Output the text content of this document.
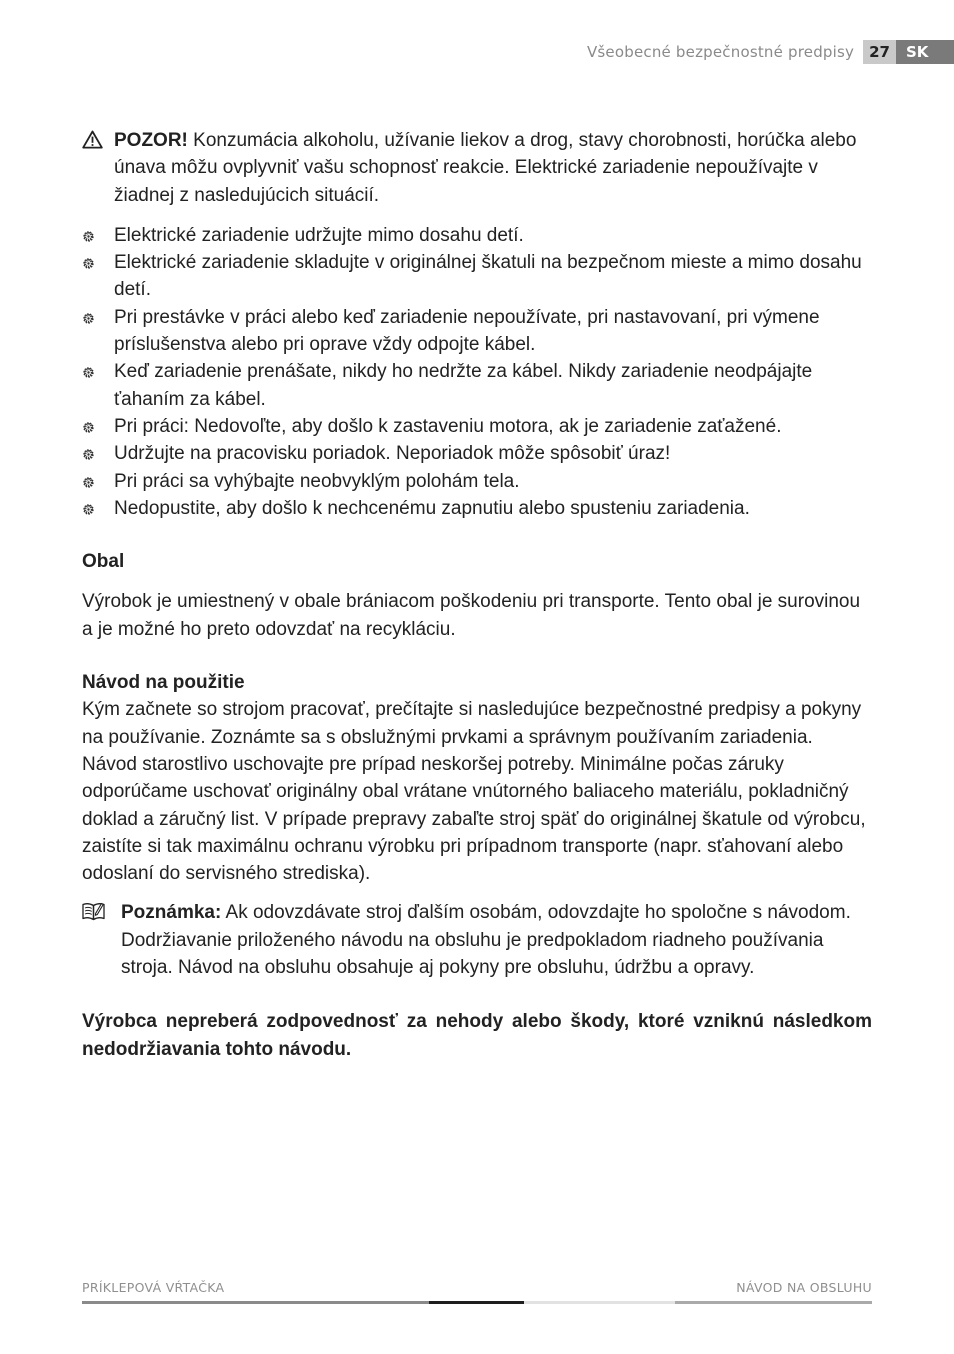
Všeobecné bezpečnostné predpisy	27	SK

POZOR! Konzumácia alkoholu, užívanie liekov a drog, stavy chorobnosti, horúčka alebo únava môžu ovplyvniť vašu schopnosť reakcie. Elektrické zariadenie nepoužívajte v žiadnej z nasledujúcich situácií.

Elektrické zariadenie udržujte mimo dosahu detí.
Elektrické zariadenie skladujte v originálnej škatuli na bezpečnom mieste a mimo dosahu detí.
Pri prestávke v práci alebo keď zariadenie nepoužívate, pri nastavovaní, pri výmene príslušenstva alebo pri oprave vždy odpojte kábel.
Keď zariadenie prenášate, nikdy ho nedržte za kábel. Nikdy zariadenie neodpájajte ťahaním za kábel.
Pri práci: Nedovoľte, aby došlo k zastaveniu motora, ak je zariadenie zaťažené.
Udržujte na pracovisku poriadok. Neporiadok môže spôsobiť úraz!
Pri práci sa vyhýbajte neobvyklým polohám tela.
Nedopustite, aby došlo k nechcenému zapnutiu alebo spusteniu zariadenia.

Obal

Výrobok je umiestnený v obale brániacom poškodeniu pri transporte. Tento obal je surovinou a je možné ho preto odovzdať na recykláciu.

Návod na použitie

Kým začnete so strojom pracovať, prečítajte si nasledujúce bezpečnostné predpisy a pokyny na používanie. Zoznámte sa s obslužnými prvkami a správnym používaním zariadenia. Návod starostlivo uschovajte pre prípad neskoršej potreby. Minimálne počas záruky odporúčame uschovať originálny obal vrátane vnútorného baliaceho materiálu, pokladničný doklad a záručný list. V prípade prepravy zabaľte stroj späť do originálnej škatule od výrobcu, zaistíte si tak maximálnu ochranu výrobku pri prípadnom transporte (napr. sťahovaní alebo odoslaní do servisného strediska).

Poznámka: Ak odovzdávate stroj ďalším osobám, odovzdajte ho spoločne s návodom. Dodržiavanie priloženého návodu na obsluhu je predpokladom riadneho používania stroja. Návod na obsluhu obsahuje aj pokyny pre obsluhu, údržbu a opravy.

Výrobca nepreberá zodpovednosť za nehody alebo škody, ktoré vzniknú následkom nedodržiavania tohto návodu.

PRÍKLEPOVÁ VŔTAČKA	NÁVOD NA OBSLUHU
